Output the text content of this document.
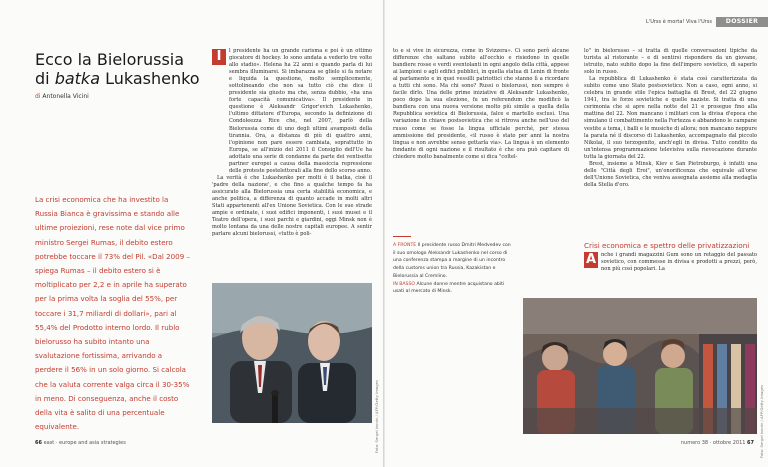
Ecco la Bielorussia
di batka Lukashenko
di Antonella Vicini
La crisi economica che ha investito la Russia Bianca è gravissima e stando alle ultime proiezioni, rese note dal vice primo ministro Sergei Rumas, il debito estero potrebbe toccare il 73% del Pil. «Dal 2009 – spiega Rumas – il debito estero si è moltiplicato per 2,2 e in aprile ha superato per la prima volta la soglia del 55%, per toccare i 31,7 miliardi di dollari», pari al 55,4% del Prodotto interno lordo. Il rublo bielorusso ha subito intanto una svalutazione fortissima, arrivando a perdere il 56% in un solo giorno. Si calcola che la valuta corrente valga circa il 30-35% in meno. Di conseguenza, anche il costo della vita è salito di una percentuale equivalente.
I	l presidente ha un grande carisma e poi è un ottimo giocatore di hockey. Io sono andata a vederlo tre volte allo stadio». Helena ha 22 anni e quando parla di lui sembra illuminarsi. Si imbarazza se glielo si fa notare e liquida la questione, molto semplicemente, sottolineando che non sa tutto ciò che dice il presidente sia giusto ma che, senza dubbio, «ha una forte capacità comunicativa». Il presidente in questione è Aleksandr Grigor'evich Lukashenko, l'ultimo dittatore d'Europa, secondo la definizione di Condoleezza Rice che, nel 2007, parlò della Bielorussia come di uno degli ultimi avamposti della tirannia. Ora, a distanza di più di quattro anni, l'opinione non pare essere cambiata, soprattutto in Europa, se all'inizio del 2011 il Consiglio dell'Ue ha adottato una serie di condanne da parte dei ventisette partner europei a causa della massiccia repressione delle proteste postelettorali alla fine dello scorso anno.

La verità è che Lukashenko per molti è il batka, cioè il 'padre della nazione', e che fino a qualche tempo fa ha assicurato alla Bielorussia una certa stabilità economica, e anche politica, a differenza di quanto accade in molti altri Stati appartenenti all'ex Unione Sovietica. Con le sue strade ampie e ordinate, i suoi edifici imponenti, i suoi musei e il Teatro dell'opera, i suoi parchi e giardini, oggi Minsk non è molto lontana da una delle nostre capitali europee. A sentir parlare alcuni bielorussi, «tutto è poli-

Foto: Sergei Ivonin / AFP/Getty Images
66 east · europe and asia strategies
L'Urss è morta! Viva l'Urss	DOSSIER

to e si vive in sicurezza, come in Svizzera». Ci sono però alcune differenze che saltano subito all'occhio e risiedono in quelle bandiere rosse e verdi sventolanti in ogni angolo della città, appese ai lampioni o agli edifici pubblici, in quella statua di Lenin di fronte al parlamento e in quei vessilli patriottici che stanno lì a ricordare a tutti chi sono. Ma chi sono? Russi o bielorussi, non sempre è facile dirlo. Una delle prime iniziative di Aleksandr Lukashenko, poco dopo la sua elezione, fu un referendum che modificò la bandiera con una nuova versione molto più simile a quella della Repubblica sovietica di Bielorussia, falce e martello esclusi. Una variazione in chiave postsovietica che si ritrova anche nell'uso del russo come se fosse la lingua ufficiale perché, per stessa ammissione del presidente, «il russo è stato per anni la nostra lingua e non avrebbe senso gettarla via». La lingua è un elemento fondante di ogni nazione e il risultato è che ora può capitare di chiedere molto banalmente come si dica "coltel-

A FRONTE Il presidente russo Dmitri Medvedev con il suo omologo Aleksandr Lukashenko nel corso di una conferenza stampa a margine di un incontro della customs union tra Russia, Kazakistan e Bielorussia al Cremlino.
IN BASSO Alcune donne mentre acquistano abiti usati al mercato di Minsk.

lo" in bielorusso – si tratta di quelle conversazioni tipiche da turista al ristorante – e di sentirsi rispondere da un giovane, istruito, nato subito dopo la fine dell'impero sovietico, di saperlo solo in russo.

La repubblica di Lukashenko è stata così caratterizzata da subito come uno Stato postsovietico. Non a caso, ogni anno, si celebra in grande stile l'epica battaglia di Brest, del 22 giugno 1941, tra le forze sovietiche e quelle naziste. Si tratta di una cerimonia che si apre nella notte del 21 e prosegue fino alla mattina del 22. Non mancano i militari con la divisa d'epoca che simulano il combattimento nella Fortezza e abbandono le campane vestite a tema, i balli e le musiche di allora; non mancano neppure la parata né il discorso di Lukashenko, accompagnato dal piccolo Nikolai, il suo terzogenito, anch'egli in divisa. Tutto condito da un'intensa programmazione televisiva sulla rievocazione durante tutta la giornata del 22.

Brest, insieme a Minsk, Kiev e San Pietroburgo, è infatti una delle "Città degli Eroi", un'onorificenza che equivale all'orse dell'Unione Sovietica, che veniva assegnata assieme alla medaglia della Stella d'oro.

Crisi economica e spettro delle privatizzazioni
A nche i grandi magazzini Gum sono un retaggio del passato sovietico, con commesse in divisa e prodotti a prezzi, però, non più così popolari. La

Foto: Sergei Ivonin / AFP/Getty Images
numero 38 · ottobre 2011 67
